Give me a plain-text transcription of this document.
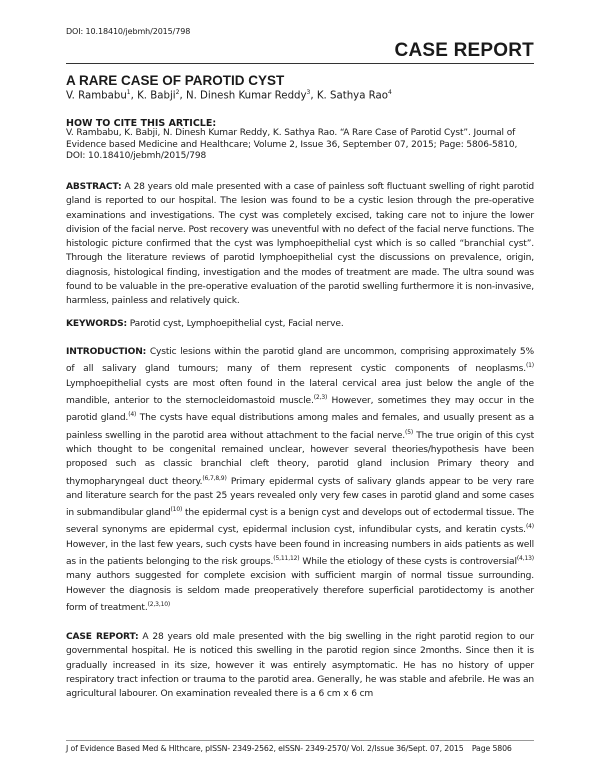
DOI: 10.18410/jebmh/2015/798
CASE REPORT
A RARE CASE OF PAROTID CYST
V. Rambabu$^1$, K. Babji$^2$, N. Dinesh Kumar Reddy$^3$, K. Sathya Rao$^4$
HOW TO CITE THIS ARTICLE:
V. Rambabu, K. Babji, N. Dinesh Kumar Reddy, K. Sathya Rao. “A Rare Case of Parotid Cyst”. Journal of Evidence based Medicine and Healthcare; Volume 2, Issue 36, September 07, 2015; Page: 5806-5810, DOI: 10.18410/jebmh/2015/798
ABSTRACT: A 28 years old male presented with a case of painless soft fluctuant swelling of right parotid gland is reported to our hospital. The lesion was found to be a cystic lesion through the pre-operative examinations and investigations. The cyst was completely excised, taking care not to injure the lower division of the facial nerve. Post recovery was uneventful with no defect of the facial nerve functions. The histologic picture confirmed that the cyst was lymphoepithelial cyst which is so called “branchial cyst”. Through the literature reviews of parotid lymphoepithelial cyst the discussions on prevalence, origin, diagnosis, histological finding, investigation and the modes of treatment are made. The ultra sound was found to be valuable in the pre-operative evaluation of the parotid swelling furthermore it is non-invasive, harmless, painless and relatively quick.
KEYWORDS: Parotid cyst, Lymphoepithelial cyst, Facial nerve.
INTRODUCTION: Cystic lesions within the parotid gland are uncommon, comprising approximately 5% of all salivary gland tumours; many of them represent cystic components of neoplasms.$^{(1)}$ Lymphoepithelial cysts are most often found in the lateral cervical area just below the angle of the mandible, anterior to the sternocleidomastoid muscle.$^{(2,3)}$ However, sometimes they may occur in the parotid gland.$^{(4)}$ The cysts have equal distributions among males and females, and usually present as a painless swelling in the parotid area without attachment to the facial nerve.$^{(5)}$ The true origin of this cyst which thought to be congenital remained unclear, however several theories/hypothesis have been proposed such as classic branchial cleft theory, parotid gland inclusion Primary theory and thymopharyngeal duct theory.$^{(6,7,8,9)}$ Primary epidermal cysts of salivary glands appear to be very rare and literature search for the past 25 years revealed only very few cases in parotid gland and some cases in submandibular gland$^{(10)}$ the epidermal cyst is a benign cyst and develops out of ectodermal tissue. The several synonyms are epidermal cyst, epidermal inclusion cyst, infundibular cysts, and keratin cysts.$^{(4)}$ However, in the last few years, such cysts have been found in increasing numbers in aids patients as well as in the patients belonging to the risk groups.$^{(5,11,12)}$ While the etiology of these cysts is controversial$^{(4,13)}$ many authors suggested for complete excision with sufficient margin of normal tissue surrounding. However the diagnosis is seldom made preoperatively therefore superficial parotidectomy is another form of treatment.$^{(2,3,10)}$
CASE REPORT: A 28 years old male presented with the big swelling in the right parotid region to our governmental hospital. He is noticed this swelling in the parotid region since 2months. Since then it is gradually increased in its size, however it was entirely asymptomatic. He has no history of upper respiratory tract infection or trauma to the parotid area. Generally, he was stable and afebrile. He was an agricultural labourer. On examination revealed there is a 6 cm x 6 cm
J of Evidence Based Med & Hlthcare, pISSN- 2349-2562, eISSN- 2349-2570/ Vol. 2/Issue 36/Sept. 07, 2015 Page 5806
